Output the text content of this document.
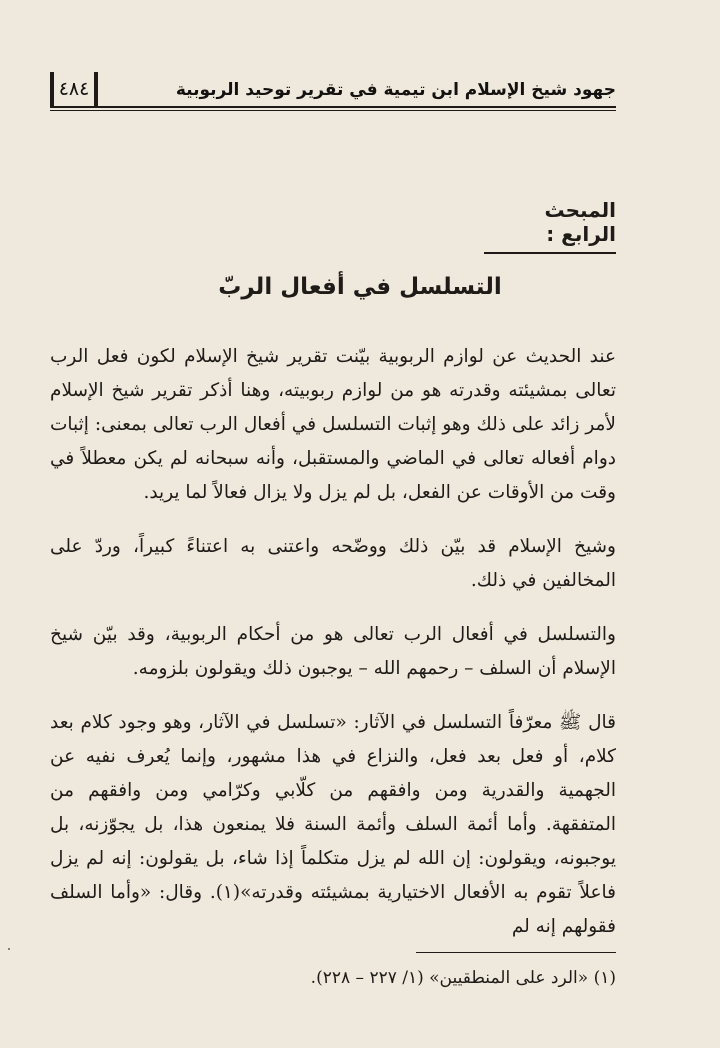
جهود شيخ الإسلام ابن تيمية في تقرير توحيد الربوبية
٤٨٤
المبحث الرابع :
التسلسل في أفعال الربّ

عند الحديث عن لوازم الربوبية بيّنت تقرير شيخ الإسلام لكون فعل الرب تعالى بمشيئته وقدرته هو من لوازم ربوبيته، وهنا أذكر تقرير شيخ الإسلام لأمر زائد على ذلك وهو إثبات التسلسل في أفعال الرب تعالى بمعنى: إثبات دوام أفعاله تعالى في الماضي والمستقبل، وأنه سبحانه لم يكن معطلاً في وقت من الأوقات عن الفعل، بل لم يزل ولا يزال فعالاً لما يريد.

وشيخ الإسلام قد بيّن ذلك ووضّحه واعتنى به اعتناءً كبيراً، وردّ على المخالفين في ذلك.

والتسلسل في أفعال الرب تعالى هو من أحكام الربوبية، وقد بيّن شيخ الإسلام أن السلف – رحمهم الله – يوجبون ذلك ويقولون بلزومه.

قال ﷺ معرّفاً التسلسل في الآثار: «تسلسل في الآثار، وهو وجود كلام بعد كلام، أو فعل بعد فعل، والنزاع في هذا مشهور، وإنما يُعرف نفيه عن الجهمية والقدرية ومن وافقهم من كلّابي وكرّامي ومن وافقهم من المتفقهة. وأما أئمة السلف وأئمة السنة فلا يمنعون هذا، بل يجوّزنه، بل يوجبونه، ويقولون: إن الله لم يزل متكلماً إذا شاء، بل يقولون: إنه لم يزل فاعلاً تقوم به الأفعال الاختيارية بمشيئته وقدرته»(١). وقال: «وأما السلف فقولهم إنه لم

(١) «الرد على المنطقيين» (١/ ٢٢٧ – ٢٢٨).
